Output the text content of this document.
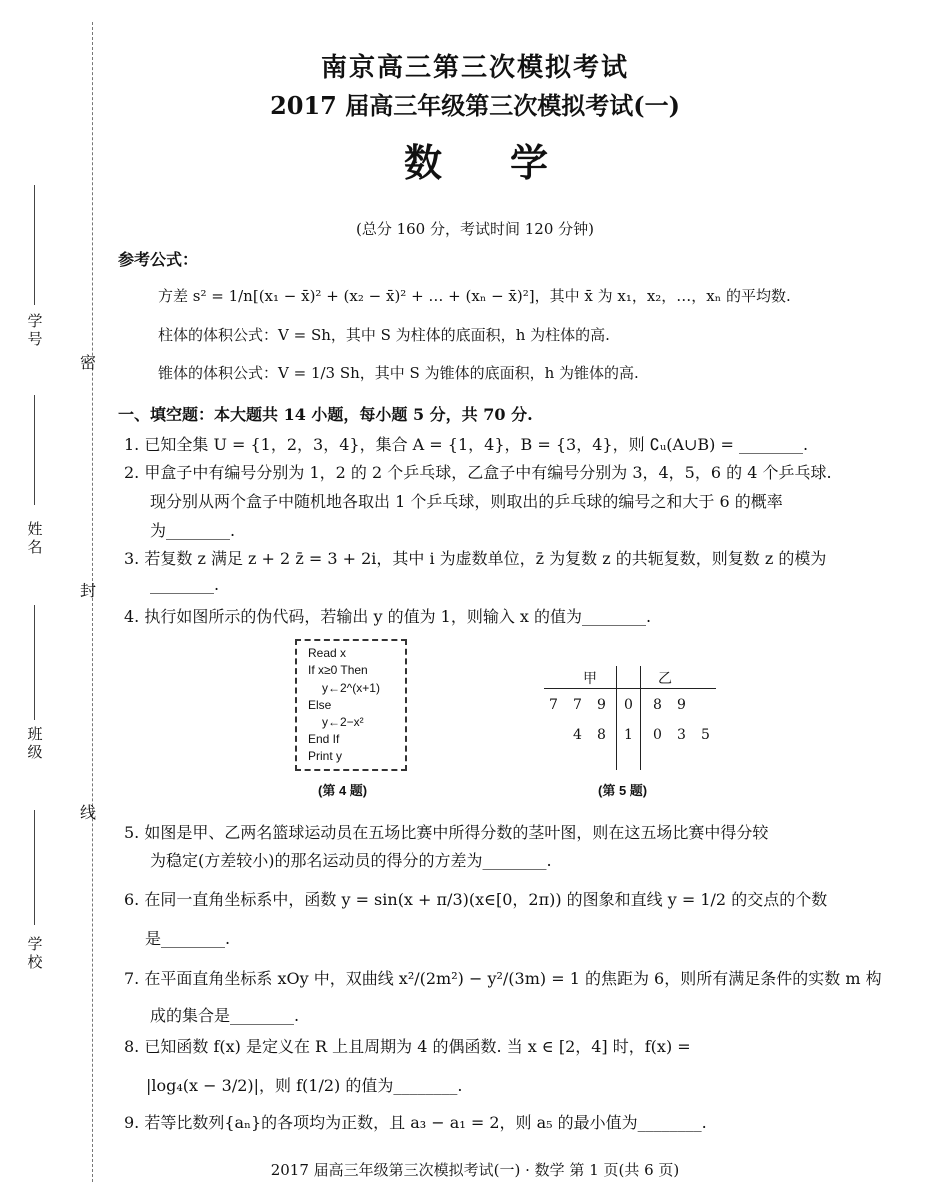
学号
姓名
班级
学校
密
封
线
南京高三第三次模拟考试
2017 届高三年级第三次模拟考试(一)
数学
(总分 160 分，考试时间 120 分钟)
参考公式：
方差 s² = 1/n[(x₁ − x̄)² + (x₂ − x̄)² + … + (xₙ − x̄)²]，其中 x̄ 为 x₁，x₂，…，xₙ 的平均数.
柱体的体积公式：V = Sh，其中 S 为柱体的底面积，h 为柱体的高.
锥体的体积公式：V = 1/3 Sh，其中 S 为锥体的底面积，h 为锥体的高.
一、填空题：本大题共 14 小题，每小题 5 分，共 70 分.
1. 已知全集 U = {1，2，3，4}，集合 A = {1，4}，B = {3，4}，则 ∁ᵤ(A∪B) = ________.
2. 甲盒子中有编号分别为 1，2 的 2 个乒乓球，乙盒子中有编号分别为 3，4，5，6 的 4 个乒乓球.
现分别从两个盒子中随机地各取出 1 个乒乓球，则取出的乒乓球的编号之和大于 6 的概率
为________.
3. 若复数 z 满足 z + 2 z̄ = 3 + 2i，其中 i 为虚数单位，z̄ 为复数 z 的共轭复数，则复数 z 的模为
________.
4. 执行如图所示的伪代码，若输出 y 的值为 1，则输入 x 的值为________.
Read x
If x≥0 Then
y←2^(x+1)
Else
y←2−x²
End If
Print y
(第 4 题)
甲	乙
7 7 9 0 8 9
4 8 1 0 3 5
(第 5 题)
5. 如图是甲、乙两名篮球运动员在五场比赛中所得分数的茎叶图，则在这五场比赛中得分较
为稳定(方差较小)的那名运动员的得分的方差为________.
6. 在同一直角坐标系中，函数 y = sin(x + π/3)(x∈[0，2π)) 的图象和直线 y = 1/2 的交点的个数
是________.
7. 在平面直角坐标系 xOy 中，双曲线 x²/(2m²) − y²/(3m) = 1 的焦距为 6，则所有满足条件的实数 m 构
成的集合是________.
8. 已知函数 f(x) 是定义在 R 上且周期为 4 的偶函数. 当 x ∈ [2，4] 时，f(x) =
|log₄(x − 3/2)|，则 f(1/2) 的值为________.
9. 若等比数列{aₙ}的各项均为正数，且 a₃ − a₁ = 2，则 a₅ 的最小值为________.
2017 届高三年级第三次模拟考试(一) · 数学 第 1 页(共 6 页)
